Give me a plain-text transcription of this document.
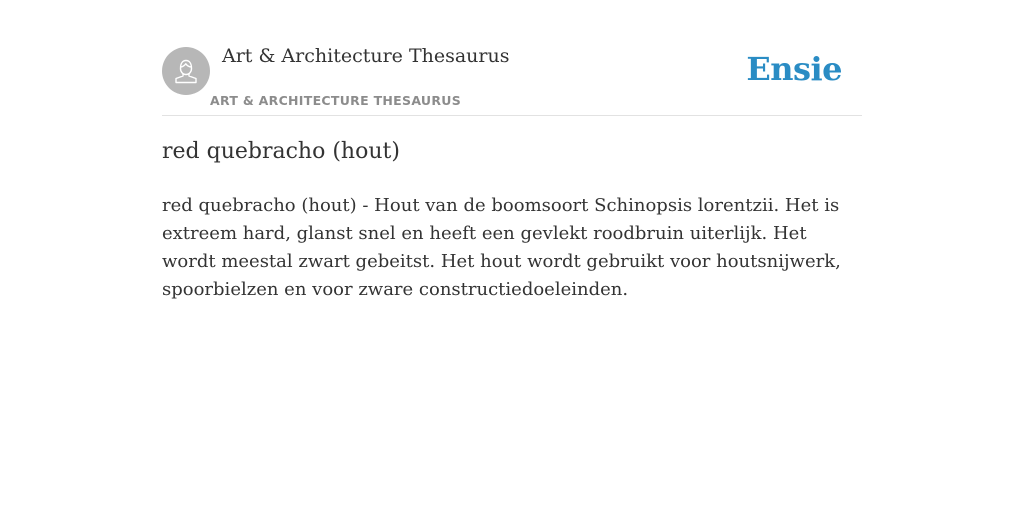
Art & Architecture Thesaurus
ART & ARCHITECTURE THESAURUS
Ensie
red quebracho (hout)

red quebracho (hout) - Hout van de boomsoort Schinopsis lorentzii. Het is extreem hard, glanst snel en heeft een gevlekt roodbruin uiterlijk. Het wordt meestal zwart gebeitst. Het hout wordt gebruikt voor houtsnijwerk, spoorbielzen en voor zware constructiedoeleinden.
